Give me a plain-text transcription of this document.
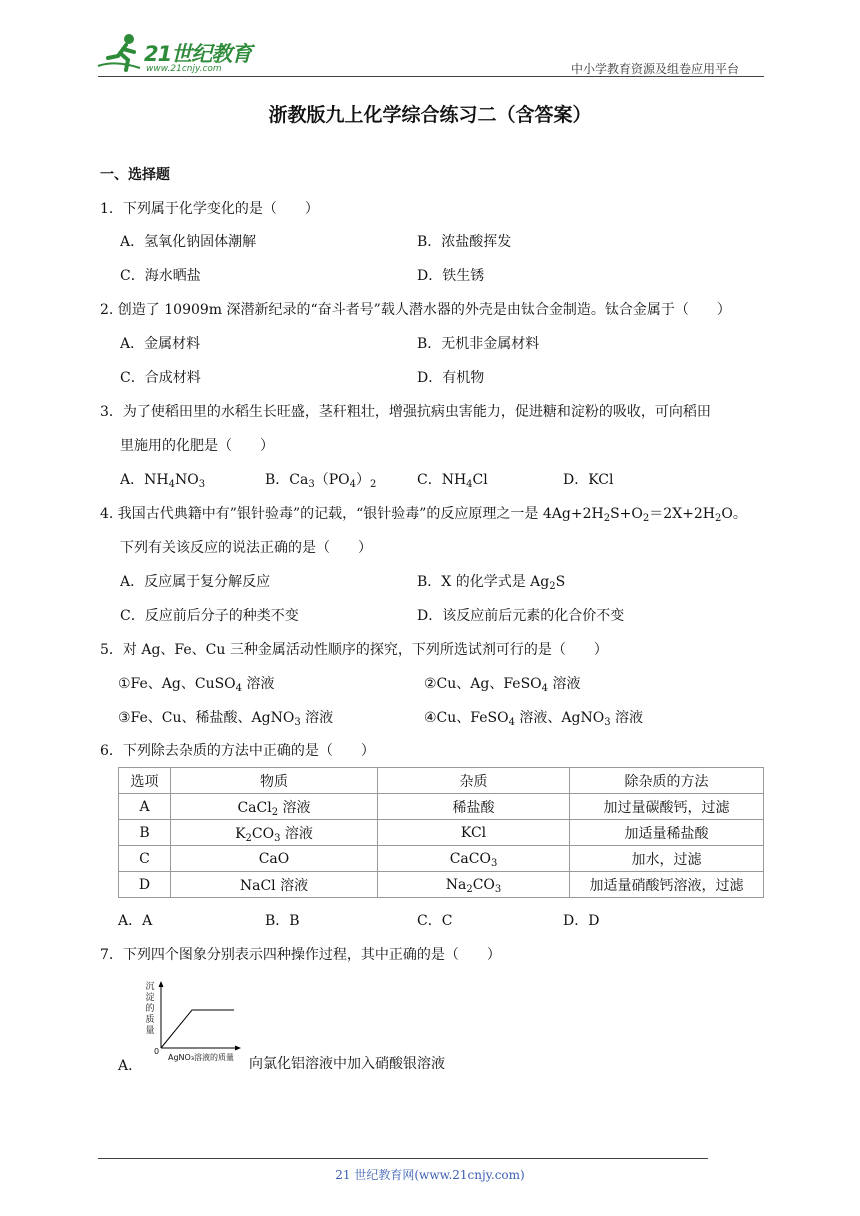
21世纪教育
www.21cnjy.com	中小学教育资源及组卷应用平台
浙教版九上化学综合练习二（含答案）
一、选择题
1．下列属于化学变化的是（　　）
A．氢氧化钠固体潮解	B．浓盐酸挥发
C．海水晒盐	D．铁生锈
2. 创造了 10909m 深潜新纪录的“奋斗者号”载人潜水器的外壳是由钛合金制造。钛合金属于（　　）
A．金属材料	B．无机非金属材料
C．合成材料	D．有机物
3．为了使稻田里的水稻生长旺盛，茎秆粗壮，增强抗病虫害能力，促进糖和淀粉的吸收，可向稻田
里施用的化肥是（　　）
A．$NH_4NO_3$	B．$Ca_3(PO_4)_2$	C．$NH_4Cl$	D．KCl
4. 我国古代典籍中有”银针验毒”的记载，“银针验毒”的反应原理之一是 $4Ag+2H_2S+O_2=2X+2H_2O$。
下列有关该反应的说法正确的是（　　）
A．反应属于复分解反应	B．X 的化学式是 $Ag_2S$
C．反应前后分子的种类不变	D．该反应前后元素的化合价不变
5．对 Ag、Fe、Cu 三种金属活动性顺序的探究，下列所选试剂可行的是（　　）
①Fe、Ag、CuSO$_4$ 溶液	②Cu、Ag、FeSO$_4$ 溶液
③Fe、Cu、稀盐酸、AgNO$_3$ 溶液	④Cu、FeSO$_4$ 溶液、AgNO$_3$ 溶液
6．下列除去杂质的方法中正确的是（　　）
选项	物质	杂质	除杂质的方法
A	CaCl$_2$ 溶液	稀盐酸	加过量碳酸钙，过滤
B	$K_2CO_3$ 溶液	KCl	加适量稀盐酸
C	CaO	CaCO$_3$	加水，过滤
D	NaCl 溶液	$Na_2CO_3$	加适量硝酸钙溶液，过滤
A．A	B．B	C．C	D．D
7．下列四个图象分别表示四种操作过程，其中正确的是（　　）
沉
淀
的
质
量
0
AgNO₃溶液的质量
A．	向氯化铝溶液中加入硝酸银溶液
21 世纪教育网(www.21cnjy.com)
